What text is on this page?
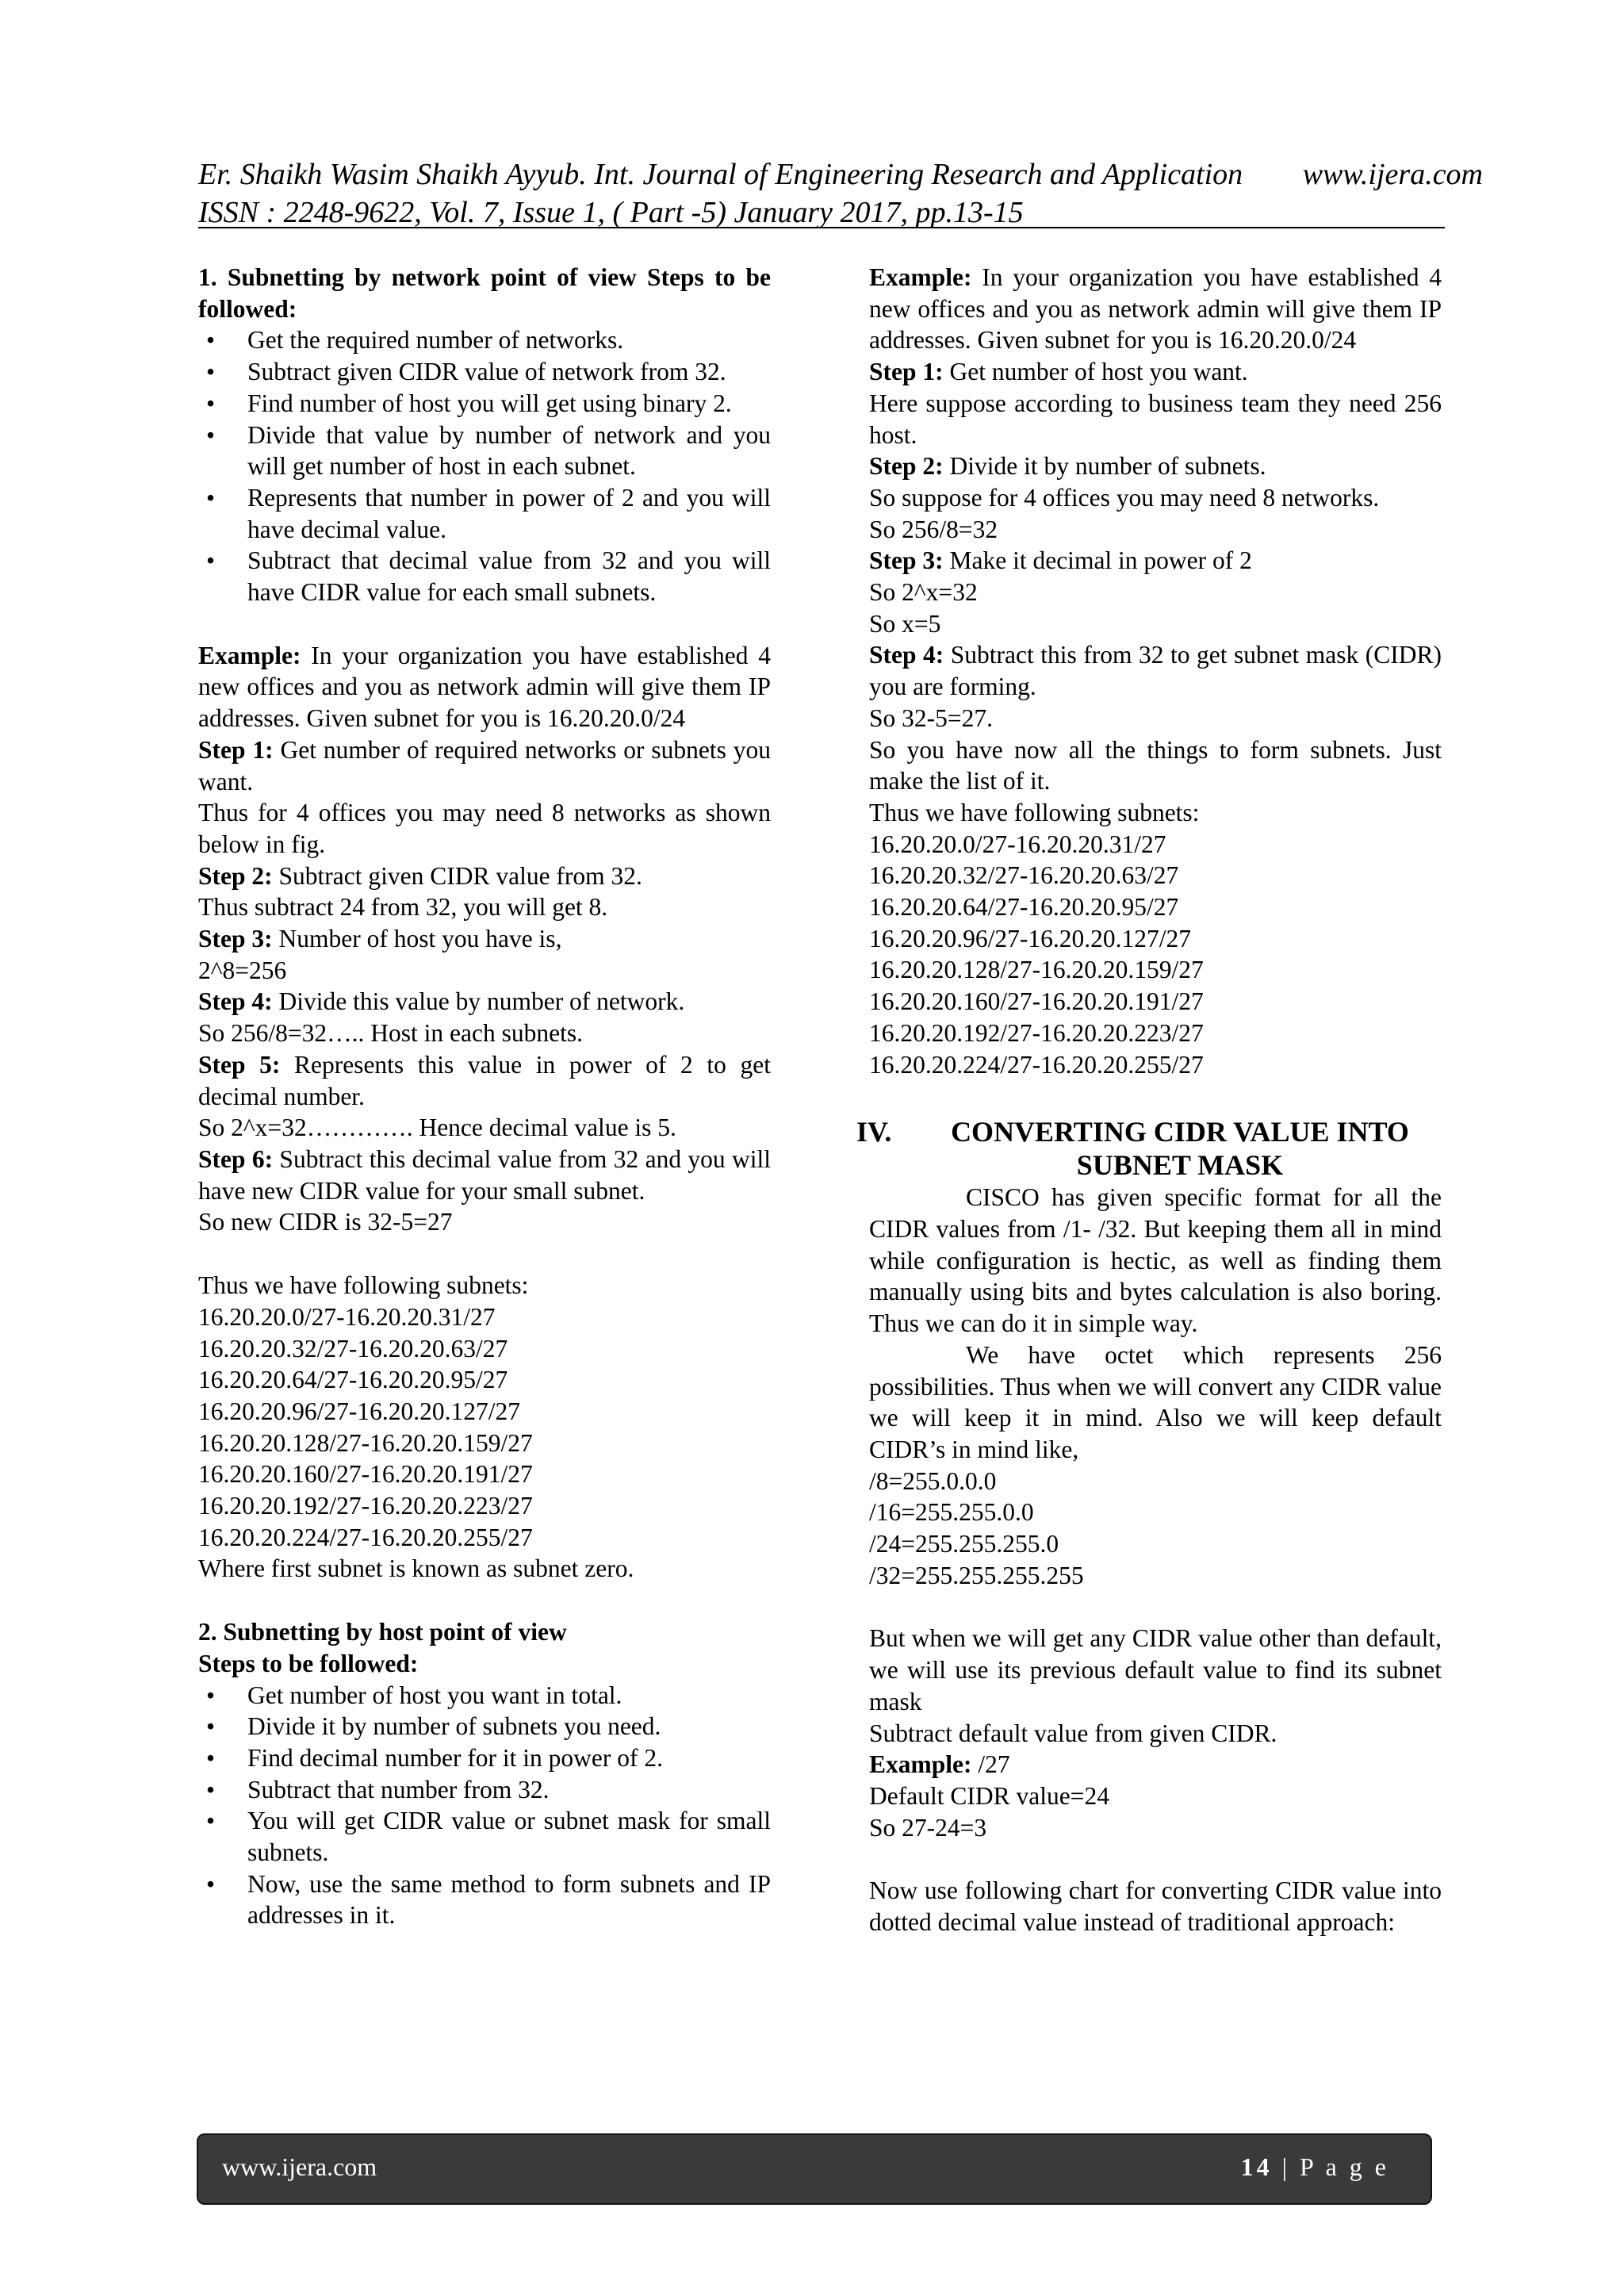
Er. Shaikh Wasim Shaikh Ayyub. Int. Journal of Engineering Research and Application www.ijera.com
ISSN : 2248-9622, Vol. 7, Issue 1, ( Part -5) January 2017, pp.13-15

1. Subnetting by network point of view Steps to be followed:

• Get the required number of networks.
• Subtract given CIDR value of network from 32.
• Find number of host you will get using binary 2.
• Divide that value by number of network and you will get number of host in each subnet.
• Represents that number in power of 2 and you will have decimal value.
• Subtract that decimal value from 32 and you will have CIDR value for each small subnets.

Example: In your organization you have established 4 new offices and you as network admin will give them IP addresses. Given subnet for you is 16.20.20.0/24

Step 1: Get number of required networks or subnets you want.

Thus for 4 offices you may need 8 networks as shown below in fig.

Step 2: Subtract given CIDR value from 32.

Thus subtract 24 from 32, you will get 8.

Step 3: Number of host you have is,

2^8=256

Step 4: Divide this value by number of network.

So 256/8=32….. Host in each subnets.

Step 5: Represents this value in power of 2 to get decimal number.

So 2^x=32…………. Hence decimal value is 5.

Step 6: Subtract this decimal value from 32 and you will have new CIDR value for your small subnet.

So new CIDR is 32-5=27

Thus we have following subnets:

16.20.20.0/27-16.20.20.31/27

16.20.20.32/27-16.20.20.63/27

16.20.20.64/27-16.20.20.95/27

16.20.20.96/27-16.20.20.127/27

16.20.20.128/27-16.20.20.159/27

16.20.20.160/27-16.20.20.191/27

16.20.20.192/27-16.20.20.223/27

16.20.20.224/27-16.20.20.255/27

Where first subnet is known as subnet zero.

2. Subnetting by host point of view

Steps to be followed:

• Get number of host you want in total.
• Divide it by number of subnets you need.
• Find decimal number for it in power of 2.
• Subtract that number from 32.
• You will get CIDR value or subnet mask for small subnets.
• Now, use the same method to form subnets and IP addresses in it.

Example: In your organization you have established 4 new offices and you as network admin will give them IP addresses. Given subnet for you is 16.20.20.0/24

Step 1: Get number of host you want.

Here suppose according to business team they need 256 host.

Step 2: Divide it by number of subnets.

So suppose for 4 offices you may need 8 networks.

So 256/8=32

Step 3: Make it decimal in power of 2

So 2^x=32

So x=5

Step 4: Subtract this from 32 to get subnet mask (CIDR) you are forming.

So 32-5=27.

So you have now all the things to form subnets. Just make the list of it.

Thus we have following subnets:

16.20.20.0/27-16.20.20.31/27

16.20.20.32/27-16.20.20.63/27

16.20.20.64/27-16.20.20.95/27

16.20.20.96/27-16.20.20.127/27

16.20.20.128/27-16.20.20.159/27

16.20.20.160/27-16.20.20.191/27

16.20.20.192/27-16.20.20.223/27

16.20.20.224/27-16.20.20.255/27

IV.	CONVERTING CIDR VALUE INTO
SUBNET MASK

CISCO has given specific format for all the CIDR values from /1- /32. But keeping them all in mind while configuration is hectic, as well as finding them manually using bits and bytes calculation is also boring. Thus we can do it in simple way.

We have octet which represents 256 possibilities. Thus when we will convert any CIDR value we will keep it in mind. Also we will keep default CIDR’s in mind like,

/8=255.0.0.0

/16=255.255.0.0

/24=255.255.255.0

/32=255.255.255.255

But when we will get any CIDR value other than default, we will use its previous default value to find its subnet mask

Subtract default value from given CIDR.

Example: /27

Default CIDR value=24

So 27-24=3

Now use following chart for converting CIDR value into dotted decimal value instead of traditional approach:

www.ijera.com	14 | P a g e
